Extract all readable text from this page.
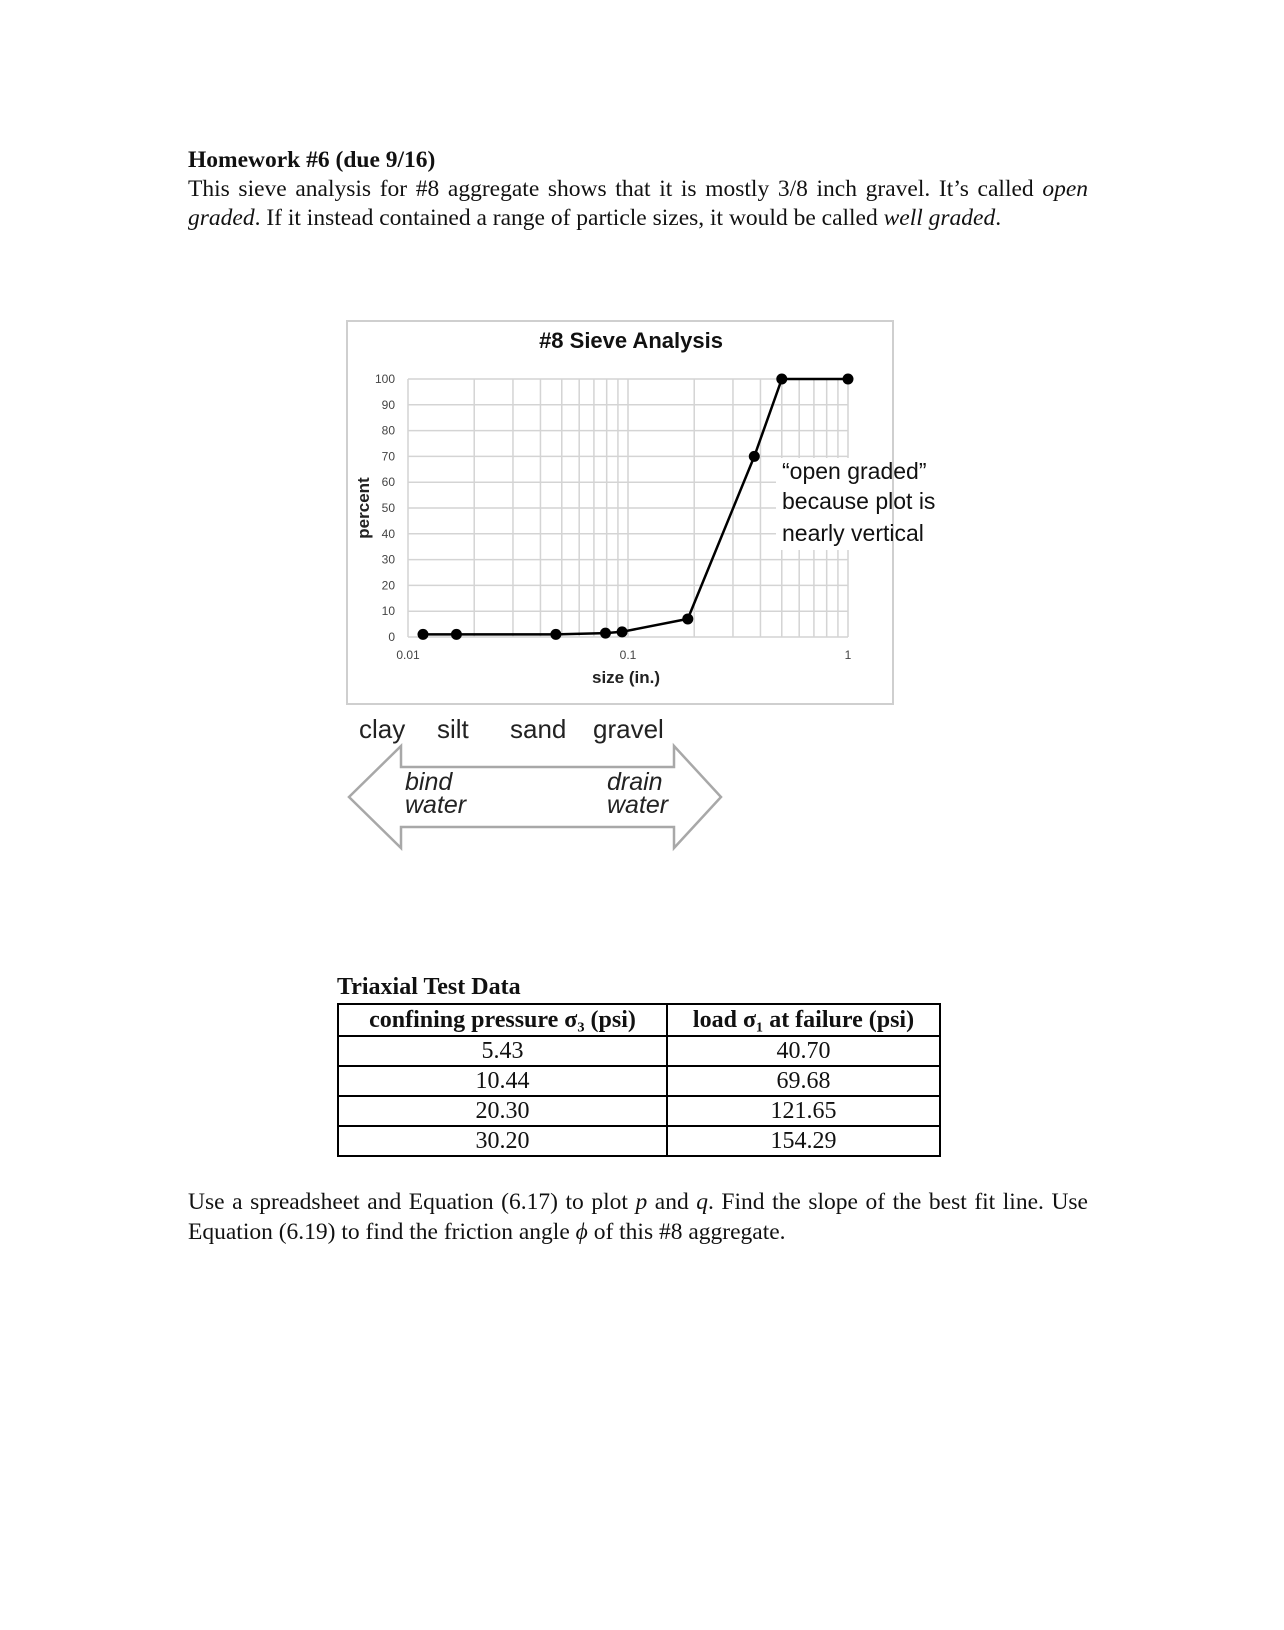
Homework #6 (due 9/16)

This sieve analysis for #8 aggregate shows that it is mostly 3/8 inch gravel. It’s called open graded. If it instead contained a range of particle sizes, it would be called well graded.

0
10
20
30
40
50
60
70
80
90
100
0.01	0.1	1
#8 Sieve Analysis
size (in.)
percent
“open graded”
because plot is
nearly vertical
clay silt sand gravel
bind
water
drain
water
Triaxial Test Data
confining pressure σ₃ (psi)	load σ₁ at failure (psi)
5.43	40.70
10.44	69.68
20.30	121.65
30.20	154.29
Use a spreadsheet and Equation (6.17) to plot p and q. Find the slope of the best fit line. Use Equation (6.19) to find the friction angle ϕ of this #8 aggregate.
